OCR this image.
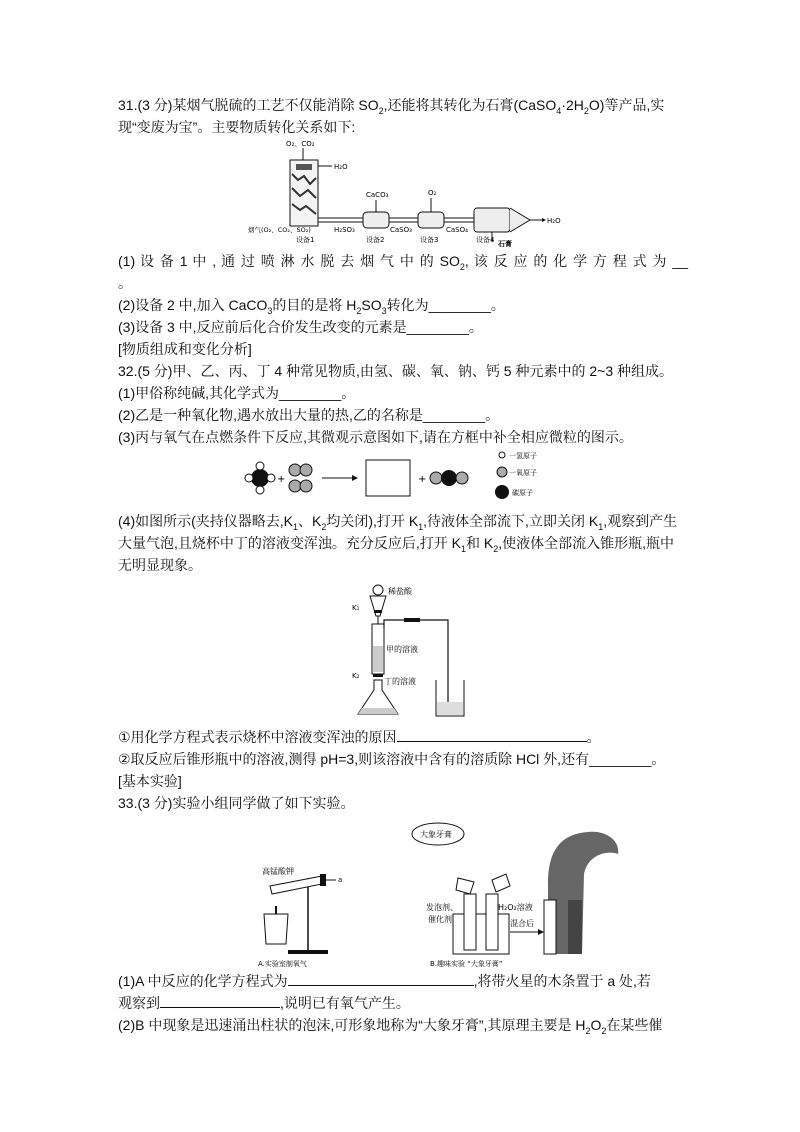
31.(3 分)某烟气脱硫的工艺不仅能消除 $SO_2$,还能将其转化为石膏$(CaSO_4\cdot 2H_2O)$等产品,实

现“变废为宝”。主要物质转化关系如下:

O₂、CO₂
H₂O
CaCO₃	O₂
H₂O
烟气(O₂、CO₂、SO₂)
设备1
H₂SO₃
设备2
CaSO₃
设备3
CaSO₄
设备4 石膏

(1) 设 备 1 中 , 通 过 喷 淋 水 脱 去 烟 气 中 的 $SO_2$, 该 反 应 的 化 学 方 程 式 为 __

。

(2)设备 2 中,加入 CaCO$_3$的目的是将 $H_2SO_3$转化为________。

(3)设备 3 中,反应前后化合价发生改变的元素是________。

[物质组成和变化分析]

32.(5 分)甲、乙、丙、丁 4 种常见物质,由氢、碳、氧、钠、钙 5 种元素中的 2~3 种组成。

(1)甲俗称纯碱,其化学式为________。

(2)乙是一种氧化物,遇水放出大量的热,乙的名称是________。

(3)丙与氧气在点燃条件下反应,其微观示意图如下,请在方框中补全相应微粒的图示。

+	+
一氢原子
一氧原子
碳原子

(4)如图所示(夹持仪器略去$,K_1$、$K_2$均关闭),打开 $K_1$,待液体全部流下,立即关闭 $K_1$,观察到产生

大量气泡,且烧杯中丁的溶液变浑浊。充分反应后,打开 $K_1$和 $K_2$,使液体全部流入锥形瓶,瓶中

无明显现象。

稀盐酸
K₁
甲的溶液
K₂
丁的溶液

①用化学方程式表示烧杯中溶液变浑浊的原因	。

②取反应后锥形瓶中的溶液,测得 pH=3,则该溶液中含有的溶质除 HCl 外,还有________。

[基本实验]

33.(3 分)实验小组同学做了如下实验。

高锰酸钾
a
A.实验室制氧气
大象牙膏
发泡剂、
催化剂
H₂O₂溶液
混合后
B.趣味实验 “大象牙膏”

(1)A 中反应的化学方程式为	,将带火星的木条置于 a 处,若

观察到	,说明已有氧气产生。

(2)B 中现象是迅速涌出柱状的泡沫,可形象地称为“大象牙膏”,其原理主要是 $H_2O_2$在某些催
